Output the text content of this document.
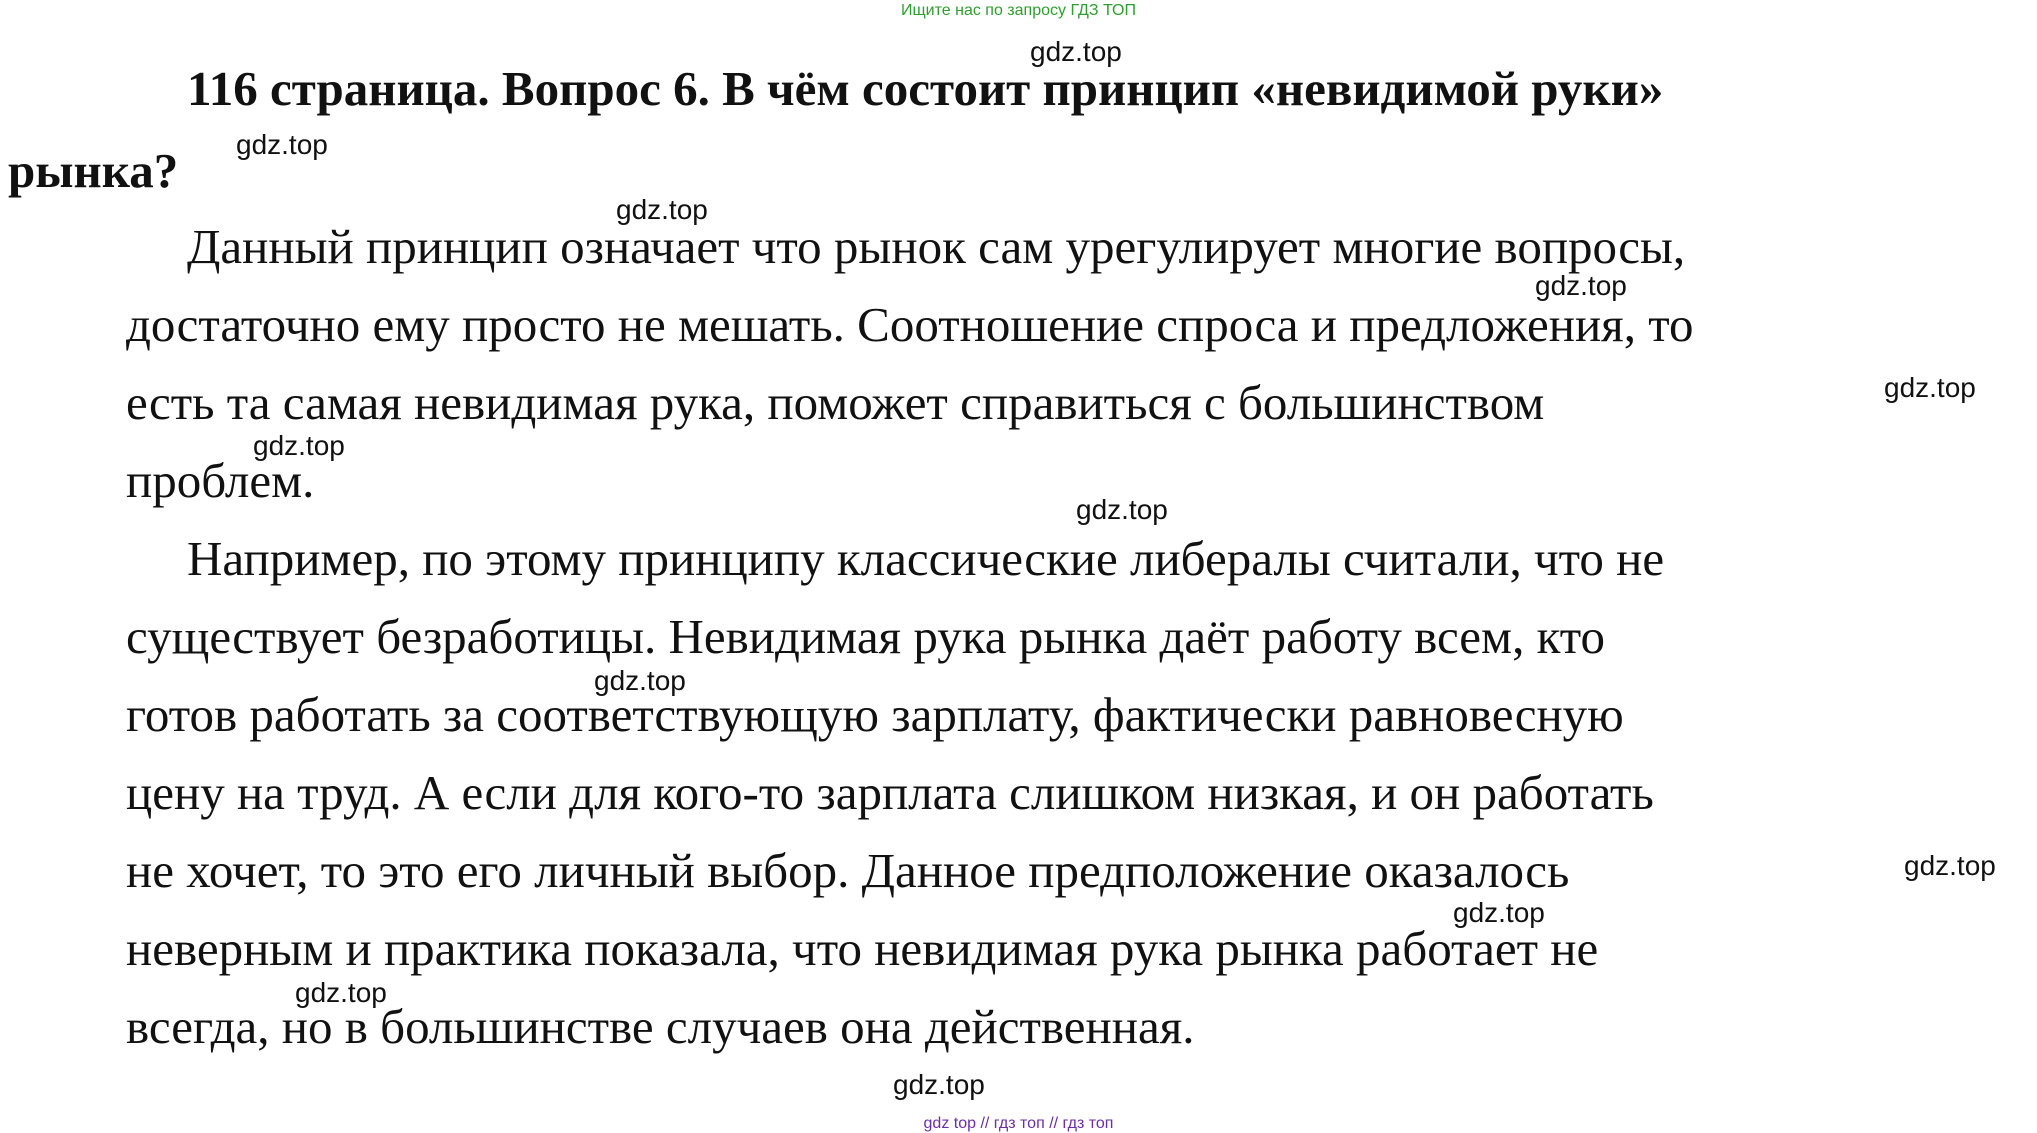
Ищите нас по запросу ГДЗ ТОП
116 страница. Вопрос 6. В чём состоит принцип «невидимой руки»
рынка?
Данный принцип означает что рынок сам урегулирует многие вопросы,
достаточно ему просто не мешать. Соотношение спроса и предложения, то
есть та самая невидимая рука, поможет справиться с большинством
проблем.
Например, по этому принципу классические либералы считали, что не
существует безработицы. Невидимая рука рынка даёт работу всем, кто
готов работать за соответствующую зарплату, фактически равновесную
цену на труд. А если для кого-то зарплата слишком низкая, и он работать
не хочет, то это его личный выбор. Данное предположение оказалось
неверным и практика показала, что невидимая рука рынка работает не
всегда, но в большинстве случаев она действенная.
gdz.top
gdz.top
gdz.top
gdz.top
gdz.top
gdz.top
gdz.top
gdz.top
gdz.top
gdz.top
gdz.top
gdz.top
gdz top // гдз топ // гдз топ
